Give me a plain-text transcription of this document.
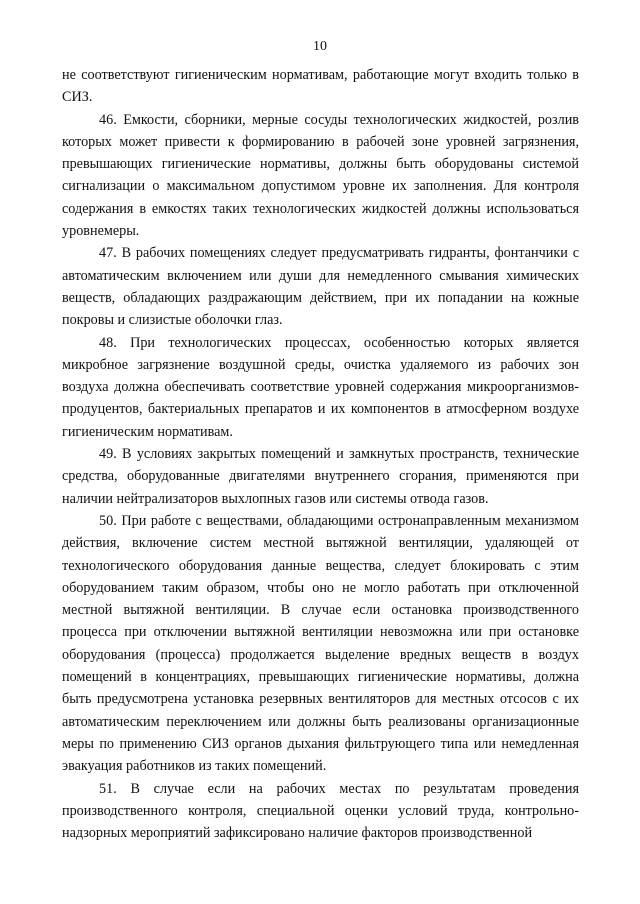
10

не соответствуют гигиеническим нормативам, работающие могут входить только в СИЗ.

46. Емкости, сборники, мерные сосуды технологических жидкостей, розлив которых может привести к формированию в рабочей зоне уровней загрязнения, превышающих гигиенические нормативы, должны быть оборудованы системой сигнализации о максимальном допустимом уровне их заполнения. Для контроля содержания в емкостях таких технологических жидкостей должны использоваться уровнемеры.

47. В рабочих помещениях следует предусматривать гидранты, фонтанчики с автоматическим включением или души для немедленного смывания химических веществ, обладающих раздражающим действием, при их попадании на кожные покровы и слизистые оболочки глаз.

48. При технологических процессах, особенностью которых является микробное загрязнение воздушной среды, очистка удаляемого из рабочих зон воздуха должна обеспечивать соответствие уровней содержания микроорганизмов-продуцентов, бактериальных препаратов и их компонентов в атмосферном воздухе гигиеническим нормативам.

49. В условиях закрытых помещений и замкнутых пространств, технические средства, оборудованные двигателями внутреннего сгорания, применяются при наличии нейтрализаторов выхлопных газов или системы отвода газов.

50. При работе с веществами, обладающими остронаправленным механизмом действия, включение систем местной вытяжной вентиляции, удаляющей от технологического оборудования данные вещества, следует блокировать с этим оборудованием таким образом, чтобы оно не могло работать при отключенной местной вытяжной вентиляции. В случае если остановка производственного процесса при отключении вытяжной вентиляции невозможна или при остановке оборудования (процесса) продолжается выделение вредных веществ в воздух помещений в концентрациях, превышающих гигиенические нормативы, должна быть предусмотрена установка резервных вентиляторов для местных отсосов с их автоматическим переключением или должны быть реализованы организационные меры по применению СИЗ органов дыхания фильтрующего типа или немедленная эвакуация работников из таких помещений.

51. В случае если на рабочих местах по результатам проведения производственного контроля, специальной оценки условий труда, контрольно-надзорных мероприятий зафиксировано наличие факторов производственной
